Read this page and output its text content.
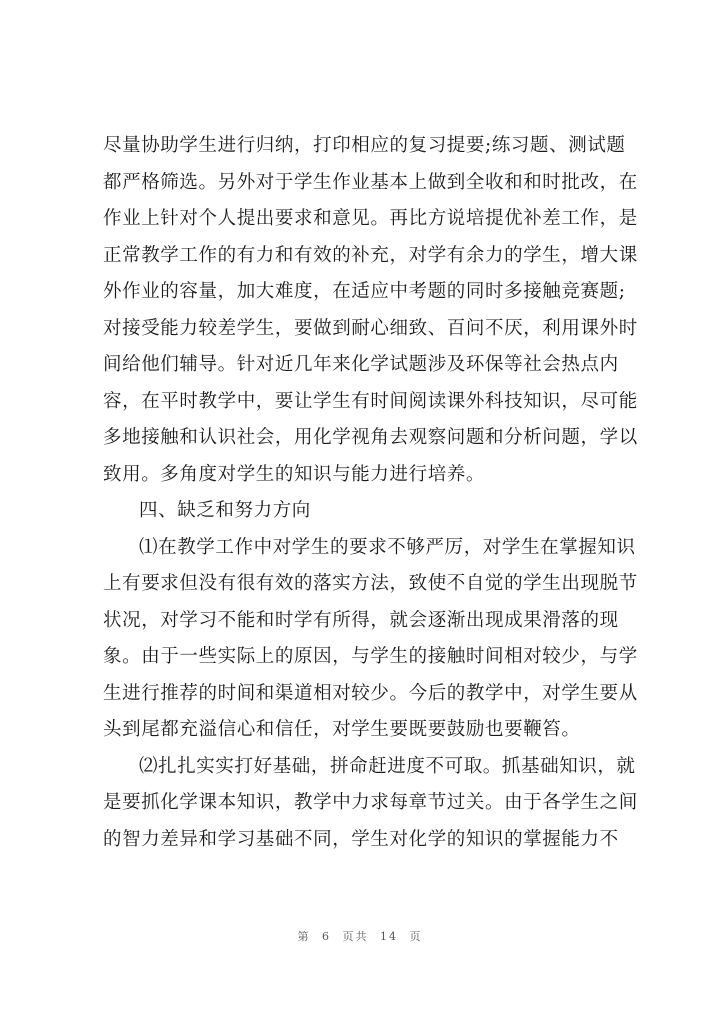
尽量协助学生进行归纳，打印相应的复习提要;练习题、测试题
都严格筛选。另外对于学生作业基本上做到全收和和时批改，在
作业上针对个人提出要求和意见。再比方说培提优补差工作，是
正常教学工作的有力和有效的补充，对学有余力的学生，增大课
外作业的容量，加大难度，在适应中考题的同时多接触竞赛题;
对接受能力较差学生，要做到耐心细致、百问不厌，利用课外时
间给他们辅导。针对近几年来化学试题涉及环保等社会热点内
容，在平时教学中，要让学生有时间阅读课外科技知识，尽可能
多地接触和认识社会，用化学视角去观察问题和分析问题，学以
致用。多角度对学生的知识与能力进行培养。
四、缺乏和努力方向
⑴在教学工作中对学生的要求不够严厉，对学生在掌握知识
上有要求但没有很有效的落实方法，致使不自觉的学生出现脱节
状况，对学习不能和时学有所得，就会逐渐出现成果滑落的现
象。由于一些实际上的原因，与学生的接触时间相对较少，与学
生进行推荐的时间和渠道相对较少。今后的教学中，对学生要从
头到尾都充溢信心和信任，对学生要既要鼓励也要鞭笞。
⑵扎扎实实打好基础，拼命赶进度不可取。抓基础知识，就
是要抓化学课本知识，教学中力求每章节过关。由于各学生之间
的智力差异和学习基础不同，学生对化学的知识的掌握能力不
第 6 页共 14 页
